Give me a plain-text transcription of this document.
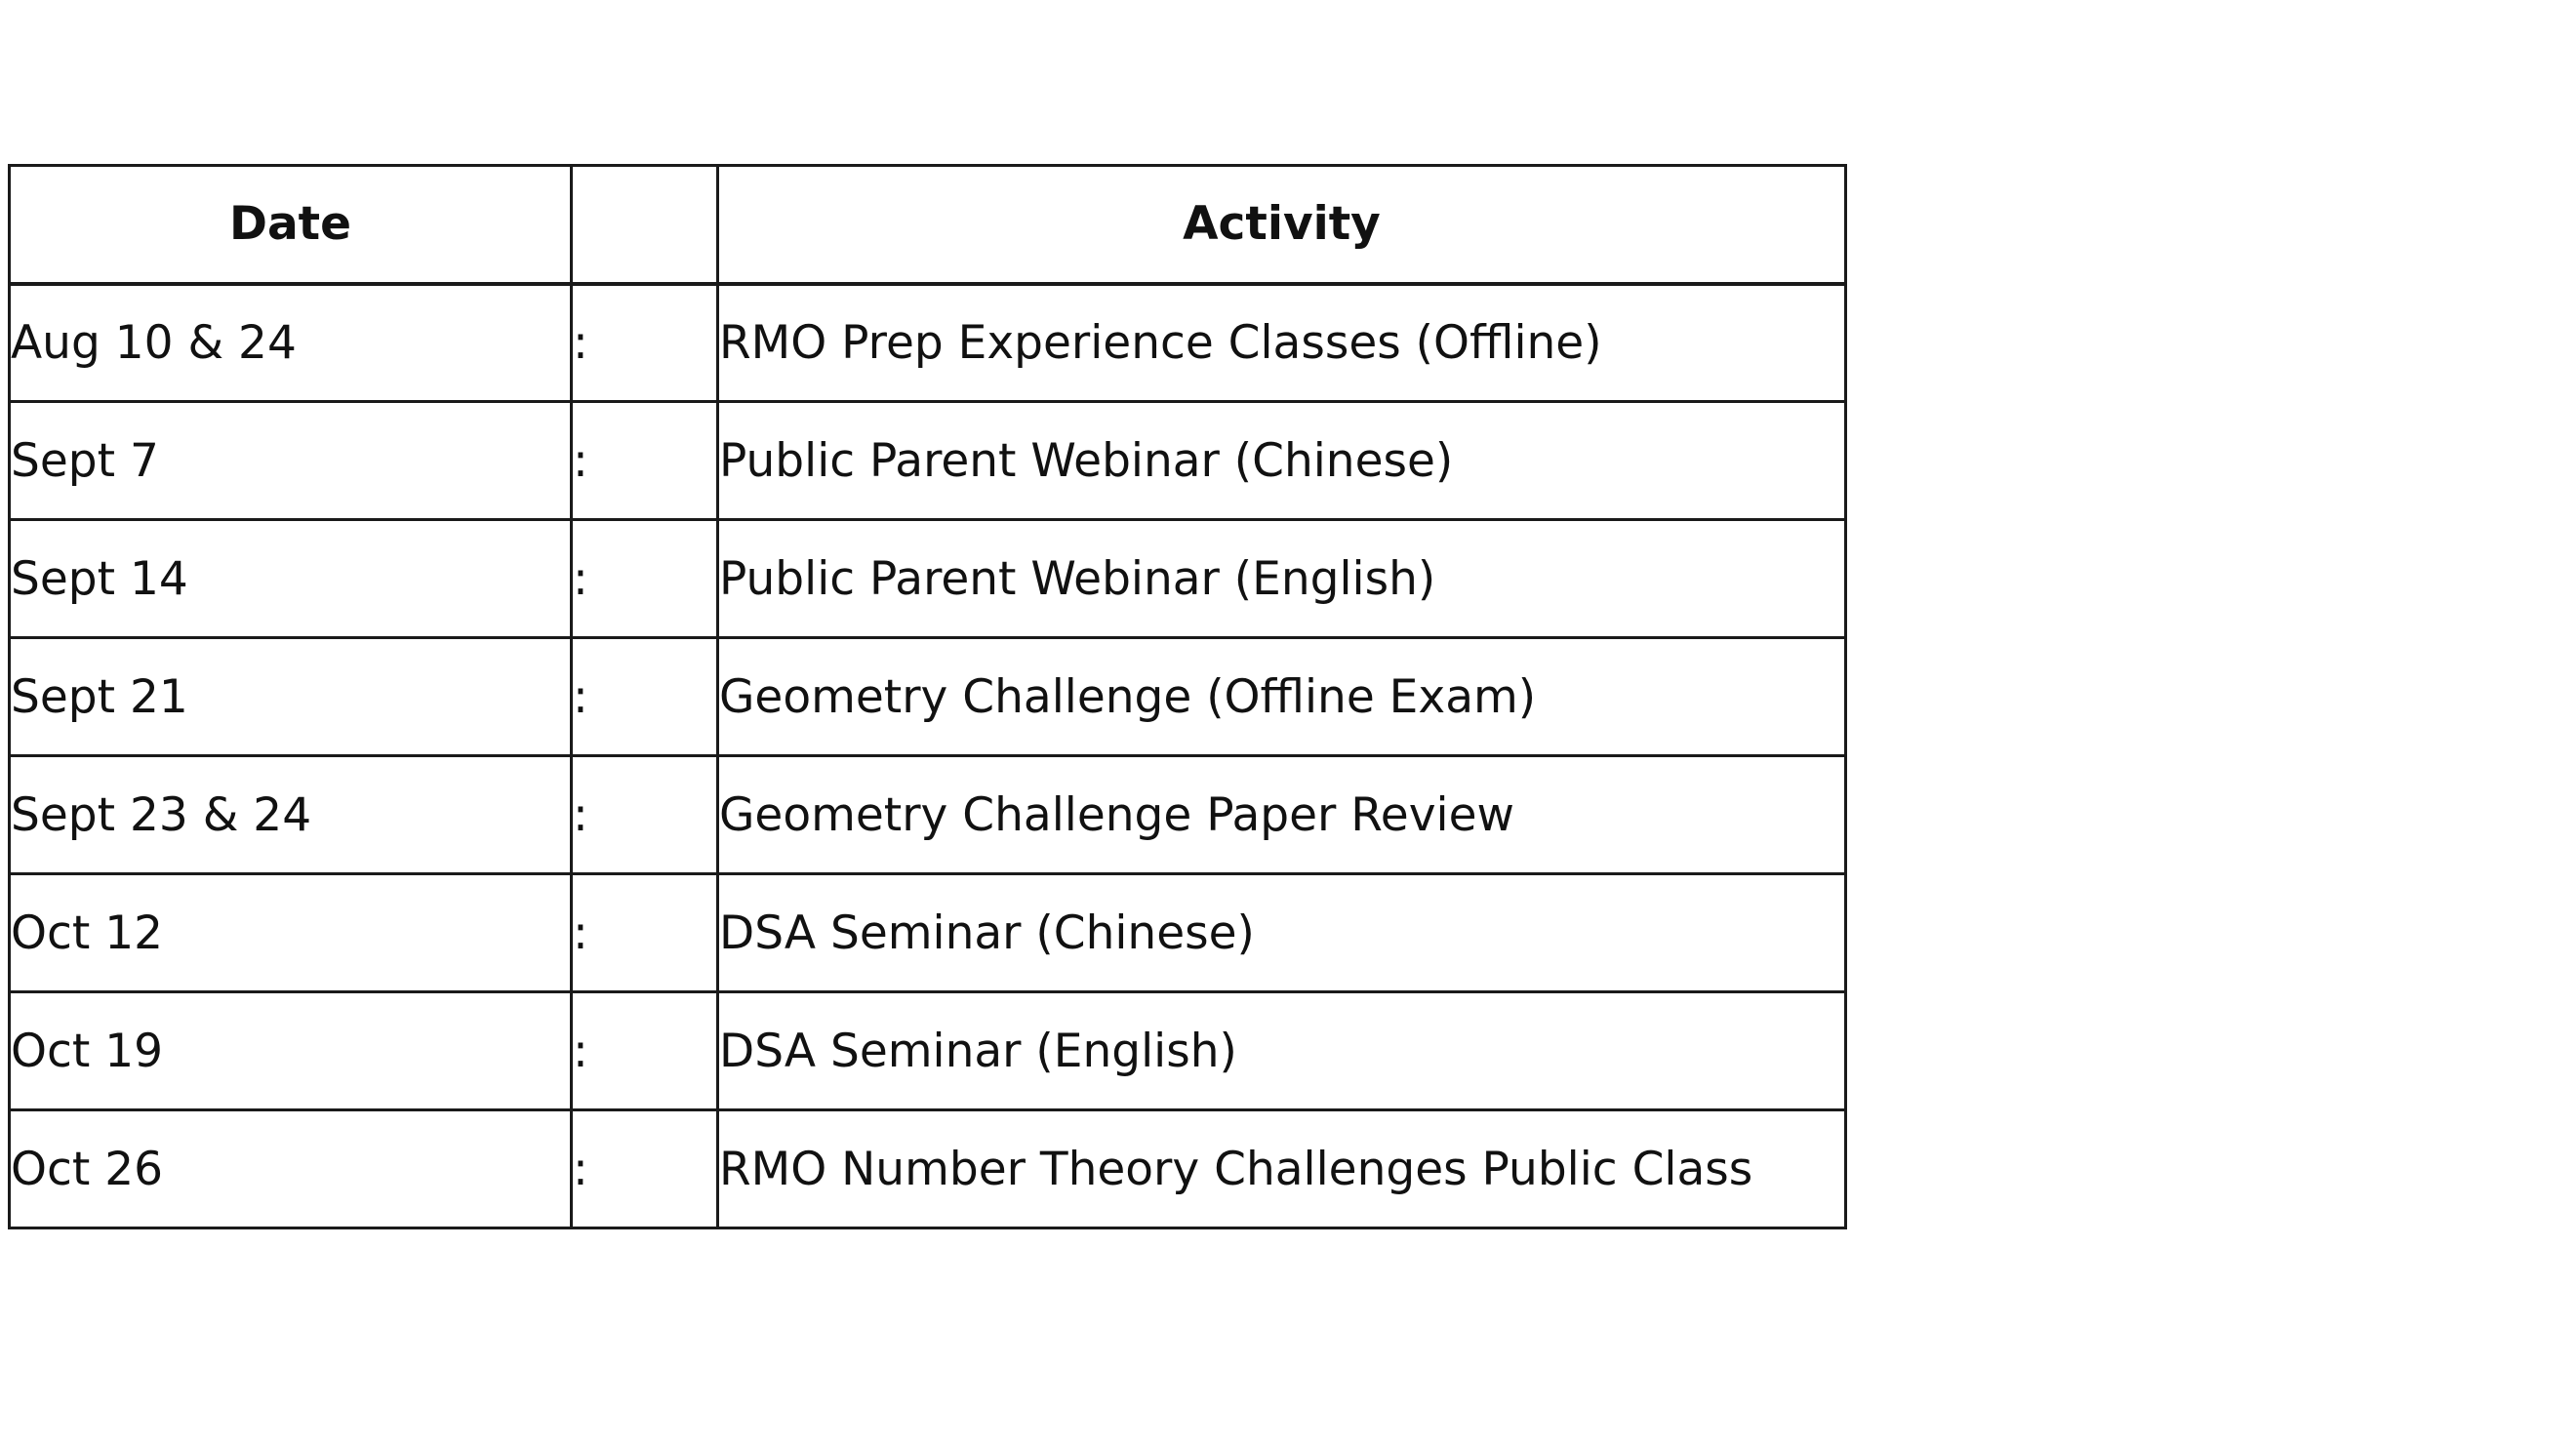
Date		Activity
Aug 10 & 24	:	RMO Prep Experience Classes (Offline)
Sept 7	:	Public Parent Webinar (Chinese)
Sept 14	:	Public Parent Webinar (English)
Sept 21	:	Geometry Challenge (Offline Exam)
Sept 23 & 24	:	Geometry Challenge Paper Review
Oct 12	:	DSA Seminar (Chinese)
Oct 19	:	DSA Seminar (English)
Oct 26	:	RMO Number Theory Challenges Public Class
